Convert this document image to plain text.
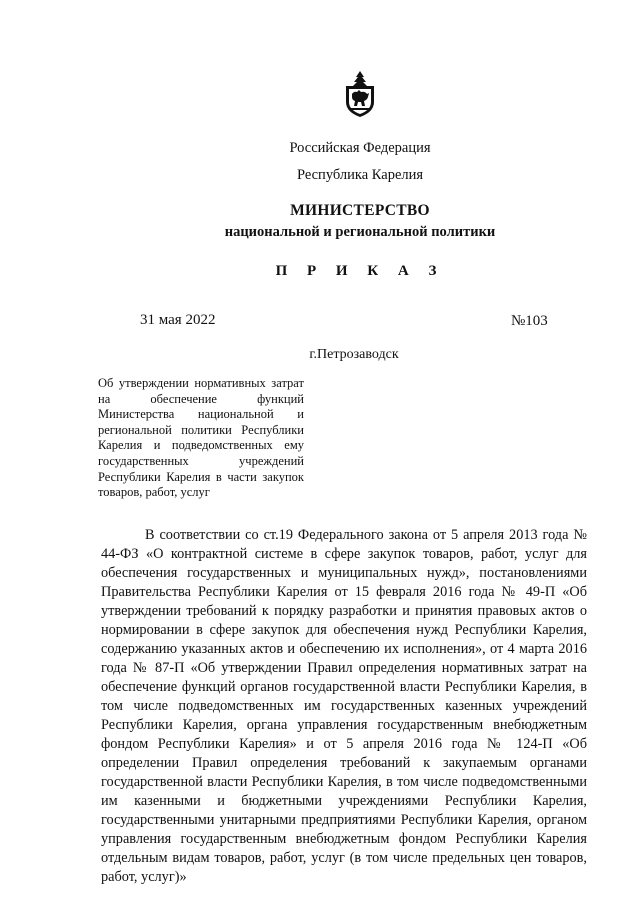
Российская Федерация
Республика Карелия
МИНИСТЕРСТВО
национальной и региональной политики
П Р И К А З
31 мая 2022	№103
г.Петрозаводск
Об утверждении нормативных затрат на обеспечение функций Министерства национальной и региональной политики Республики Карелия и подведомственных ему государственных учреждений Республики Карелия в части закупок товаров, работ, услуг
В соответствии со ст.19 Федерального закона от 5 апреля 2013 года № 44-ФЗ «О контрактной системе в сфере закупок товаров, работ, услуг для обеспечения государственных и муниципальных нужд», постановлениями Правительства Республики Карелия от 15 февраля 2016 года № 49-П «Об утверждении требований к порядку разработки и принятия правовых актов о нормировании в сфере закупок для обеспечения нужд Республики Карелия, содержанию указанных актов и обеспечению их исполнения», от 4 марта 2016 года № 87-П «Об утверждении Правил определения нормативных затрат на обеспечение функций органов государственной власти Республики Карелия, в том числе подведомственных им государственных казенных учреждений Республики Карелия, органа управления государственным внебюджетным фондом Республики Карелия» и от 5 апреля 2016 года № 124-П «Об определении Правил определения требований к закупаемым органами государственной власти Республики Карелия, в том числе подведомственными им казенными и бюджетными учреждениями Республики Карелия, государственными унитарными предприятиями Республики Карелия, органом управления государственным внебюджетным фондом Республики Карелия отдельным видам товаров, работ, услуг (в том числе предельных цен товаров, работ, услуг)»
